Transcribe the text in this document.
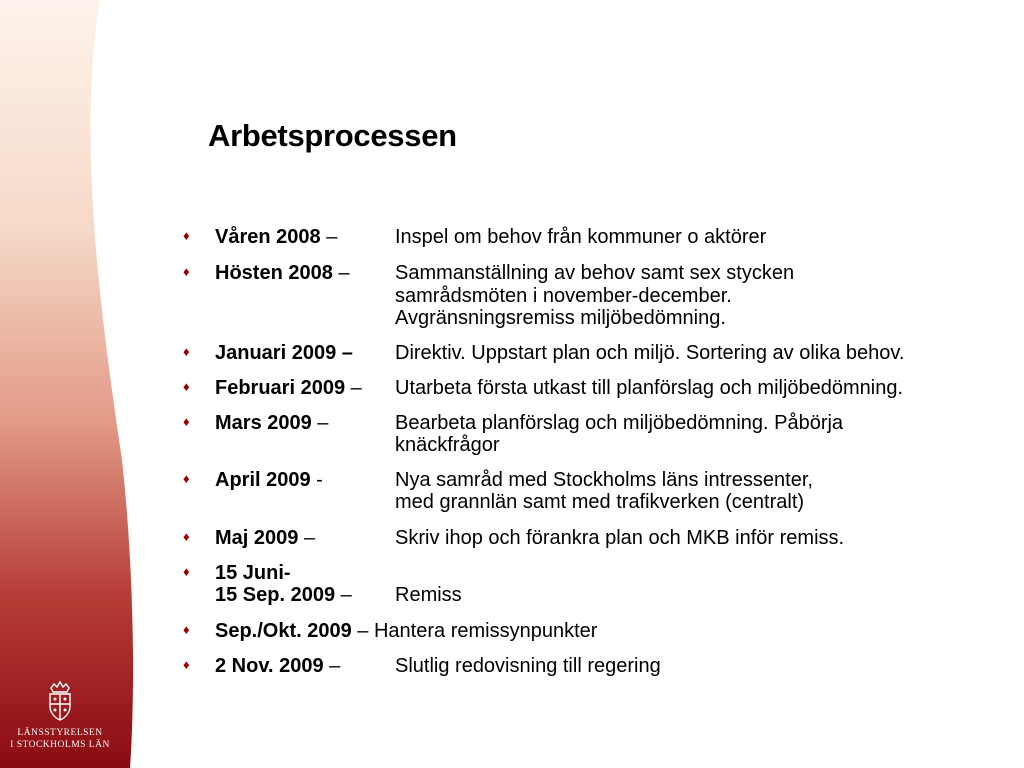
LÄNSSTYRELSEN
I STOCKHOLMS LÄN
Arbetsprocessen
♦ Våren 2008 –	Inspel om behov från kommuner o aktörer
♦ Hösten 2008 – Sammanställning av behov samt sex stycken
samrådsmöten i november-december.
Avgränsningsremiss miljöbedömning.
♦ Januari 2009 – Direktiv. Uppstart plan och miljö. Sortering av olika behov.
♦ Februari 2009 – Utarbeta första utkast till planförslag och miljöbedömning.
♦ Mars 2009 –	Bearbeta planförslag och miljöbedömning. Påbörja
knäckfrågor
♦ April 2009 -	Nya samråd med Stockholms läns intressenter,
med grannlän samt med trafikverken (centralt)
♦ Maj 2009 –	Skriv ihop och förankra plan och MKB inför remiss.
♦ 15 Juni-
15 Sep. 2009 – Remiss
♦ Sep./Okt. 2009 – Hantera remissynpunkter
♦ 2 Nov. 2009 –	Slutlig redovisning till regering
